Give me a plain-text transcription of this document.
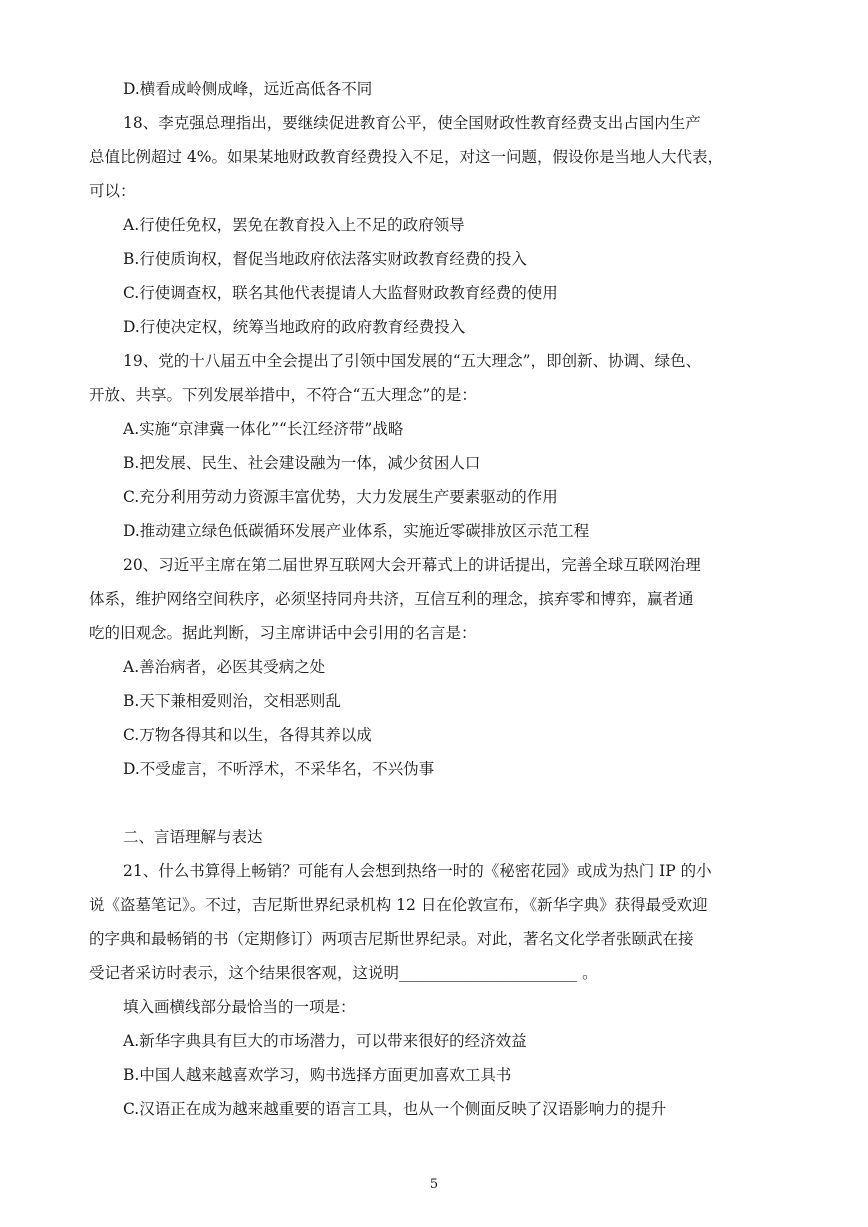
D.横看成岭侧成峰，远近高低各不同
18、李克强总理指出，要继续促进教育公平，使全国财政性教育经费支出占国内生产
总值比例超过 4%。如果某地财政教育经费投入不足，对这一问题，假设你是当地人大代表，
可以：
A.行使任免权，罢免在教育投入上不足的政府领导
B.行使质询权，督促当地政府依法落实财政教育经费的投入
C.行使调查权，联名其他代表提请人大监督财政教育经费的使用
D.行使决定权，统筹当地政府的政府教育经费投入
19、党的十八届五中全会提出了引领中国发展的“五大理念”，即创新、协调、绿色、
开放、共享。下列发展举措中，不符合“五大理念”的是：
A.实施“京津冀一体化”“长江经济带”战略
B.把发展、民生、社会建设融为一体，减少贫困人口
C.充分利用劳动力资源丰富优势，大力发展生产要素驱动的作用
D.推动建立绿色低碳循环发展产业体系，实施近零碳排放区示范工程
20、习近平主席在第二届世界互联网大会开幕式上的讲话提出，完善全球互联网治理
体系，维护网络空间秩序，必须坚持同舟共济，互信互利的理念，摈弃零和博弈，赢者通
吃的旧观念。据此判断，习主席讲话中会引用的名言是：
A.善治病者，必医其受病之处
B.天下兼相爱则治，交相恶则乱
C.万物各得其和以生，各得其养以成
D.不受虚言，不听浮术，不采华名，不兴伪事
二、言语理解与表达
21、什么书算得上畅销？可能有人会想到热络一时的《秘密花园》或成为热门 IP 的小
说《盗墓笔记》。不过，吉尼斯世界纪录机构 12 日在伦敦宣布，《新华字典》获得最受欢迎
的字典和最畅销的书（定期修订）两项吉尼斯世界纪录。对此，著名文化学者张颐武在接
受记者采访时表示，这个结果很客观，这说明_______________________ 。
填入画横线部分最恰当的一项是：
A.新华字典具有巨大的市场潜力，可以带来很好的经济效益
B.中国人越来越喜欢学习，购书选择方面更加喜欢工具书
C.汉语正在成为越来越重要的语言工具，也从一个侧面反映了汉语影响力的提升
5
